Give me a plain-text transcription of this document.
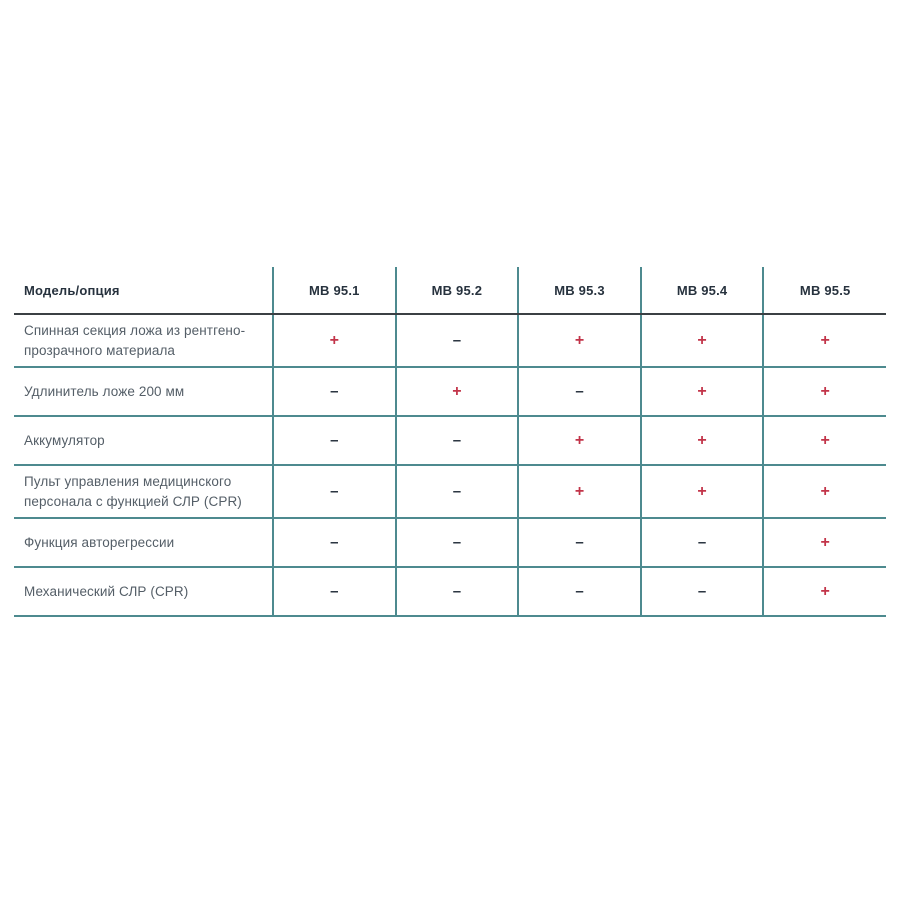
Модель/опция	МВ 95.1	МВ 95.2	МВ 95.3	МВ 95.4	МВ 95.5
Спинная секция ложа из рентгено-прозрачного материала	+	–	+	+	+
Удлинитель ложе 200 мм	–	+	–	+	+
Аккумулятор	–	–	+	+	+
Пульт управления медицинского персонала с функцией СЛР (CPR)	–	–	+	+	+
Функция авторегрессии	–	–	–	–	+
Механический СЛР (CPR)	–	–	–	–	+
